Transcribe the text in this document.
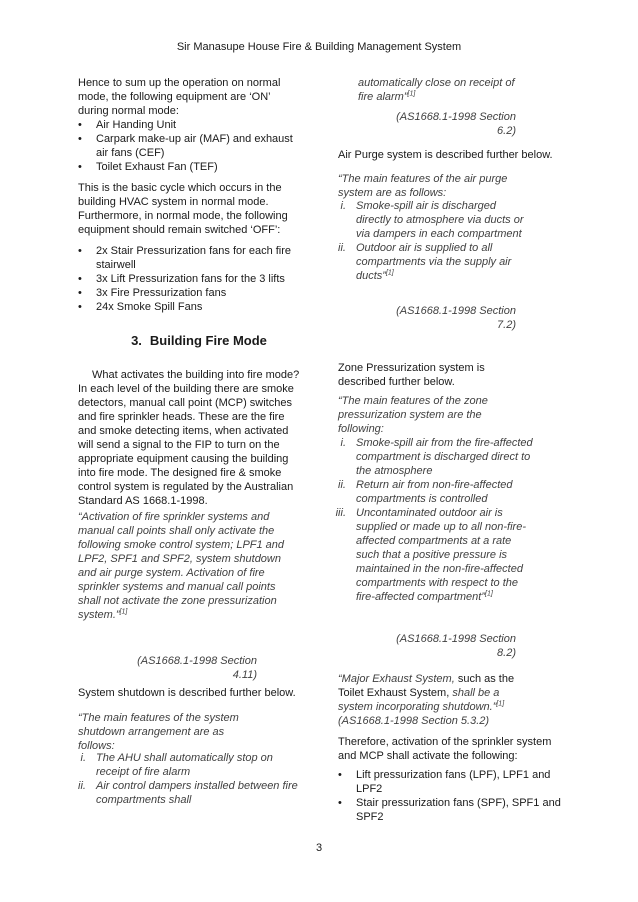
Sir Manasupe House Fire & Building Management System

Hence to sum up the operation on normal mode, the following equipment are ‘ON’ during normal mode:

• Air Handing Unit
• Carpark make-up air (MAF) and exhaust air fans (CEF)
• Toilet Exhaust Fan (TEF)

This is the basic cycle which occurs in the building HVAC system in normal mode. Furthermore, in normal mode, the following equipment should remain switched ‘OFF’:

• 2x Stair Pressurization fans for each fire stairwell
• 3x Lift Pressurization fans for the 3 lifts
• 3x Fire Pressurization fans
• 24x Smoke Spill Fans
3. Building Fire Mode

What activates the building into fire mode? In each level of the building there are smoke detectors, manual call point (MCP) switches and fire sprinkler heads. These are the fire and smoke detecting items, when activated will send a signal to the FIP to turn on the appropriate equipment causing the building into fire mode. The designed fire & smoke control system is regulated by the Australian Standard AS 1668.1-1998.

“Activation of fire sprinkler systems and manual call points shall only activate the following smoke control system; LPF1 and LPF2, SPF1 and SPF2, system shutdown and air purge system. Activation of fire sprinkler systems and manual call points shall not activate the zone pressurization system.”[1]

(AS1668.1-1998 Section 4.11)

System shutdown is described further below.

“The main features of the system shutdown arrangement are as follows:

i. The AHU shall automatically stop on receipt of fire alarm
ii. Air control dampers installed between fire compartments shall

automatically close on receipt of fire alarm”[1]

(AS1668.1-1998 Section 6.2)

Air Purge system is described further below.

“The main features of the air purge system are as follows:

i. Smoke-spill air is discharged directly to atmosphere via ducts or via dampers in each compartment
ii. Outdoor air is supplied to all compartments via the supply air ducts”[1]
(AS1668.1-1998 Section 7.2)

Zone Pressurization system is described further below.

“The main features of the zone pressurization system are the following:

i. Smoke-spill air from the fire-affected compartment is discharged direct to the atmosphere
ii. Return air from non-fire-affected compartments is controlled
iii. Uncontaminated outdoor air is supplied or made up to all non-fire-affected compartments at a rate such that a positive pressure is maintained in the non-fire-affected compartments with respect to the fire-affected compartment”[1]
(AS1668.1-1998 Section 8.2)

“Major Exhaust System, such as the Toilet Exhaust System, shall be a system incorporating shutdown.”[1]
(AS1668.1-1998 Section 5.3.2)

Therefore, activation of the sprinkler system and MCP shall activate the following:

• Lift pressurization fans (LPF), LPF1 and LPF2
• Stair pressurization fans (SPF), SPF1 and SPF2
3
